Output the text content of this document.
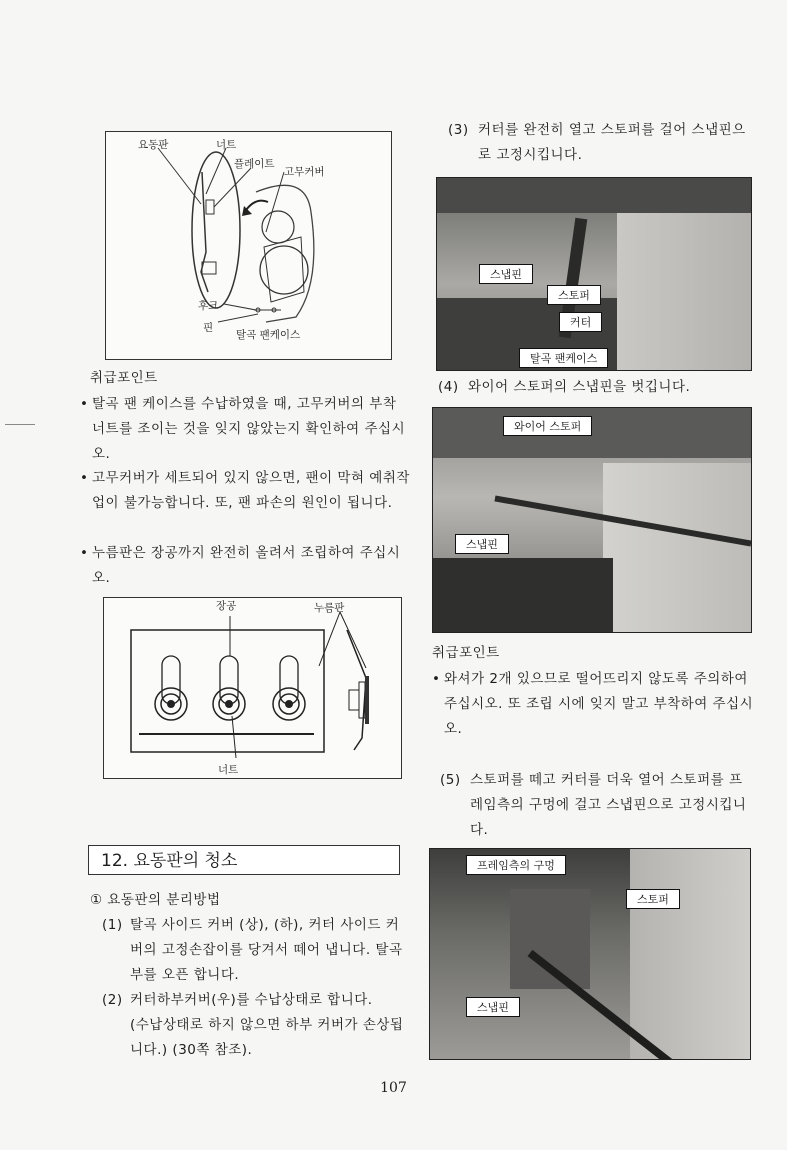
요동판	너트
플레이트
고무커버
후크
핀
탈곡 팬케이스
취급포인트
• 탈곡 팬 케이스를 수납하였을 때, 고무커버의 부착 너트를 조이는 것을 잊지 않았는지 확인하여 주십시오.
• 고무커버가 세트되어 있지 않으면, 팬이 막혀 예취작업이 불가능합니다. 또, 팬 파손의 원인이 됩니다.
• 누름판은 장공까지 완전히 올려서 조립하여 주십시오.
장공	누름판
너트
12. 요동판의 청소
① 요동판의 분리방법
(1) 탈곡 사이드 커버 (상), (하), 커터 사이드 커버의 고정손잡이를 당겨서 떼어 냅니다. 탈곡부를 오픈 합니다.
(2) 커터하부커버(우)를 수납상태로 합니다.
(수납상태로 하지 않으면 하부 커버가 손상됩니다.) (30쪽 참조).
(3) 커터를 완전히 열고 스토퍼를 걸어 스냅핀으로 고정시킵니다.
스냅핀
스토퍼
커터
탈곡 팬케이스
(4) 와이어 스토퍼의 스냅핀을 벗깁니다.
와이어 스토퍼
스냅핀
취급포인트
• 와셔가 2개 있으므로 떨어뜨리지 않도록 주의하여 주십시오. 또 조립 시에 잊지 말고 부착하여 주십시오.
(5) 스토퍼를 떼고 커터를 더욱 열어 스토퍼를 프레임측의 구멍에 걸고 스냅핀으로 고정시킵니다.
프레임측의 구멍
스토퍼
스냅핀
107
